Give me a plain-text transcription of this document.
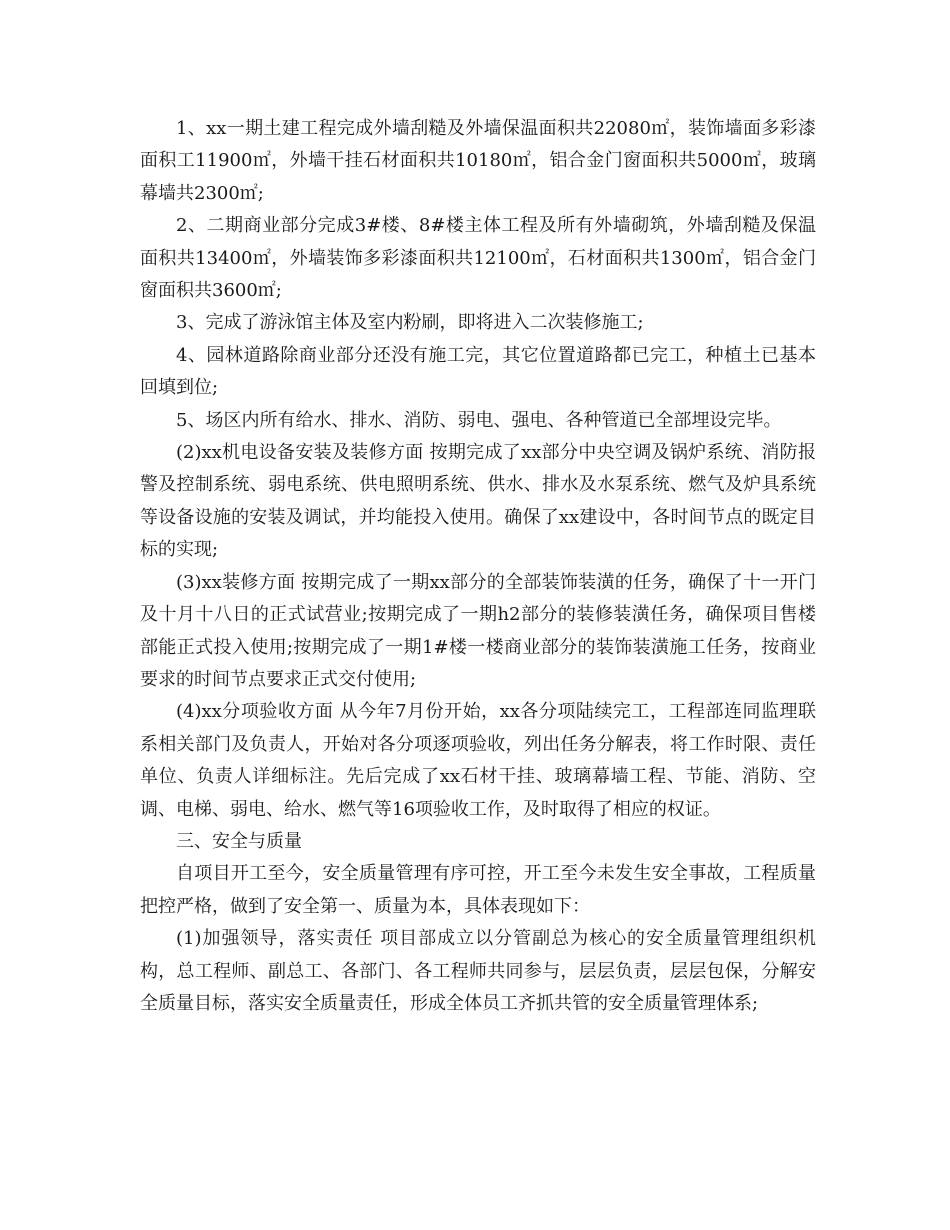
1、xx一期土建工程完成外墙刮糙及外墙保温面积共22080㎡，装饰墙面多彩漆面积工11900㎡，外墙干挂石材面积共10180㎡，铝合金门窗面积共5000㎡，玻璃幕墙共2300㎡;

2、二期商业部分完成3#楼、8#楼主体工程及所有外墙砌筑，外墙刮糙及保温面积共13400㎡，外墙装饰多彩漆面积共12100㎡，石材面积共1300㎡，铝合金门窗面积共3600㎡;

3、完成了游泳馆主体及室内粉刷，即将进入二次装修施工;

4、园林道路除商业部分还没有施工完，其它位置道路都已完工，种植土已基本回填到位;

5、场区内所有给水、排水、消防、弱电、强电、各种管道已全部埋设完毕。

(2)xx机电设备安装及装修方面 按期完成了xx部分中央空调及锅炉系统、消防报警及控制系统、弱电系统、供电照明系统、供水、排水及水泵系统、燃气及炉具系统等设备设施的安装及调试，并均能投入使用。确保了xx建设中，各时间节点的既定目标的实现;

(3)xx装修方面 按期完成了一期xx部分的全部装饰装潢的任务，确保了十一开门及十月十八日的正式试营业;按期完成了一期h2部分的装修装潢任务，确保项目售楼部能正式投入使用;按期完成了一期1#楼一楼商业部分的装饰装潢施工任务，按商业要求的时间节点要求正式交付使用;

(4)xx分项验收方面 从今年7月份开始，xx各分项陆续完工，工程部连同监理联系相关部门及负责人，开始对各分项逐项验收，列出任务分解表，将工作时限、责任单位、负责人详细标注。先后完成了xx石材干挂、玻璃幕墙工程、节能、消防、空调、电梯、弱电、给水、燃气等16项验收工作，及时取得了相应的权证。

三、安全与质量

自项目开工至今，安全质量管理有序可控，开工至今未发生安全事故，工程质量把控严格，做到了安全第一、质量为本，具体表现如下：

(1)加强领导，落实责任 项目部成立以分管副总为核心的安全质量管理组织机构，总工程师、副总工、各部门、各工程师共同参与，层层负责，层层包保，分解安全质量目标，落实安全质量责任，形成全体员工齐抓共管的安全质量管理体系;
